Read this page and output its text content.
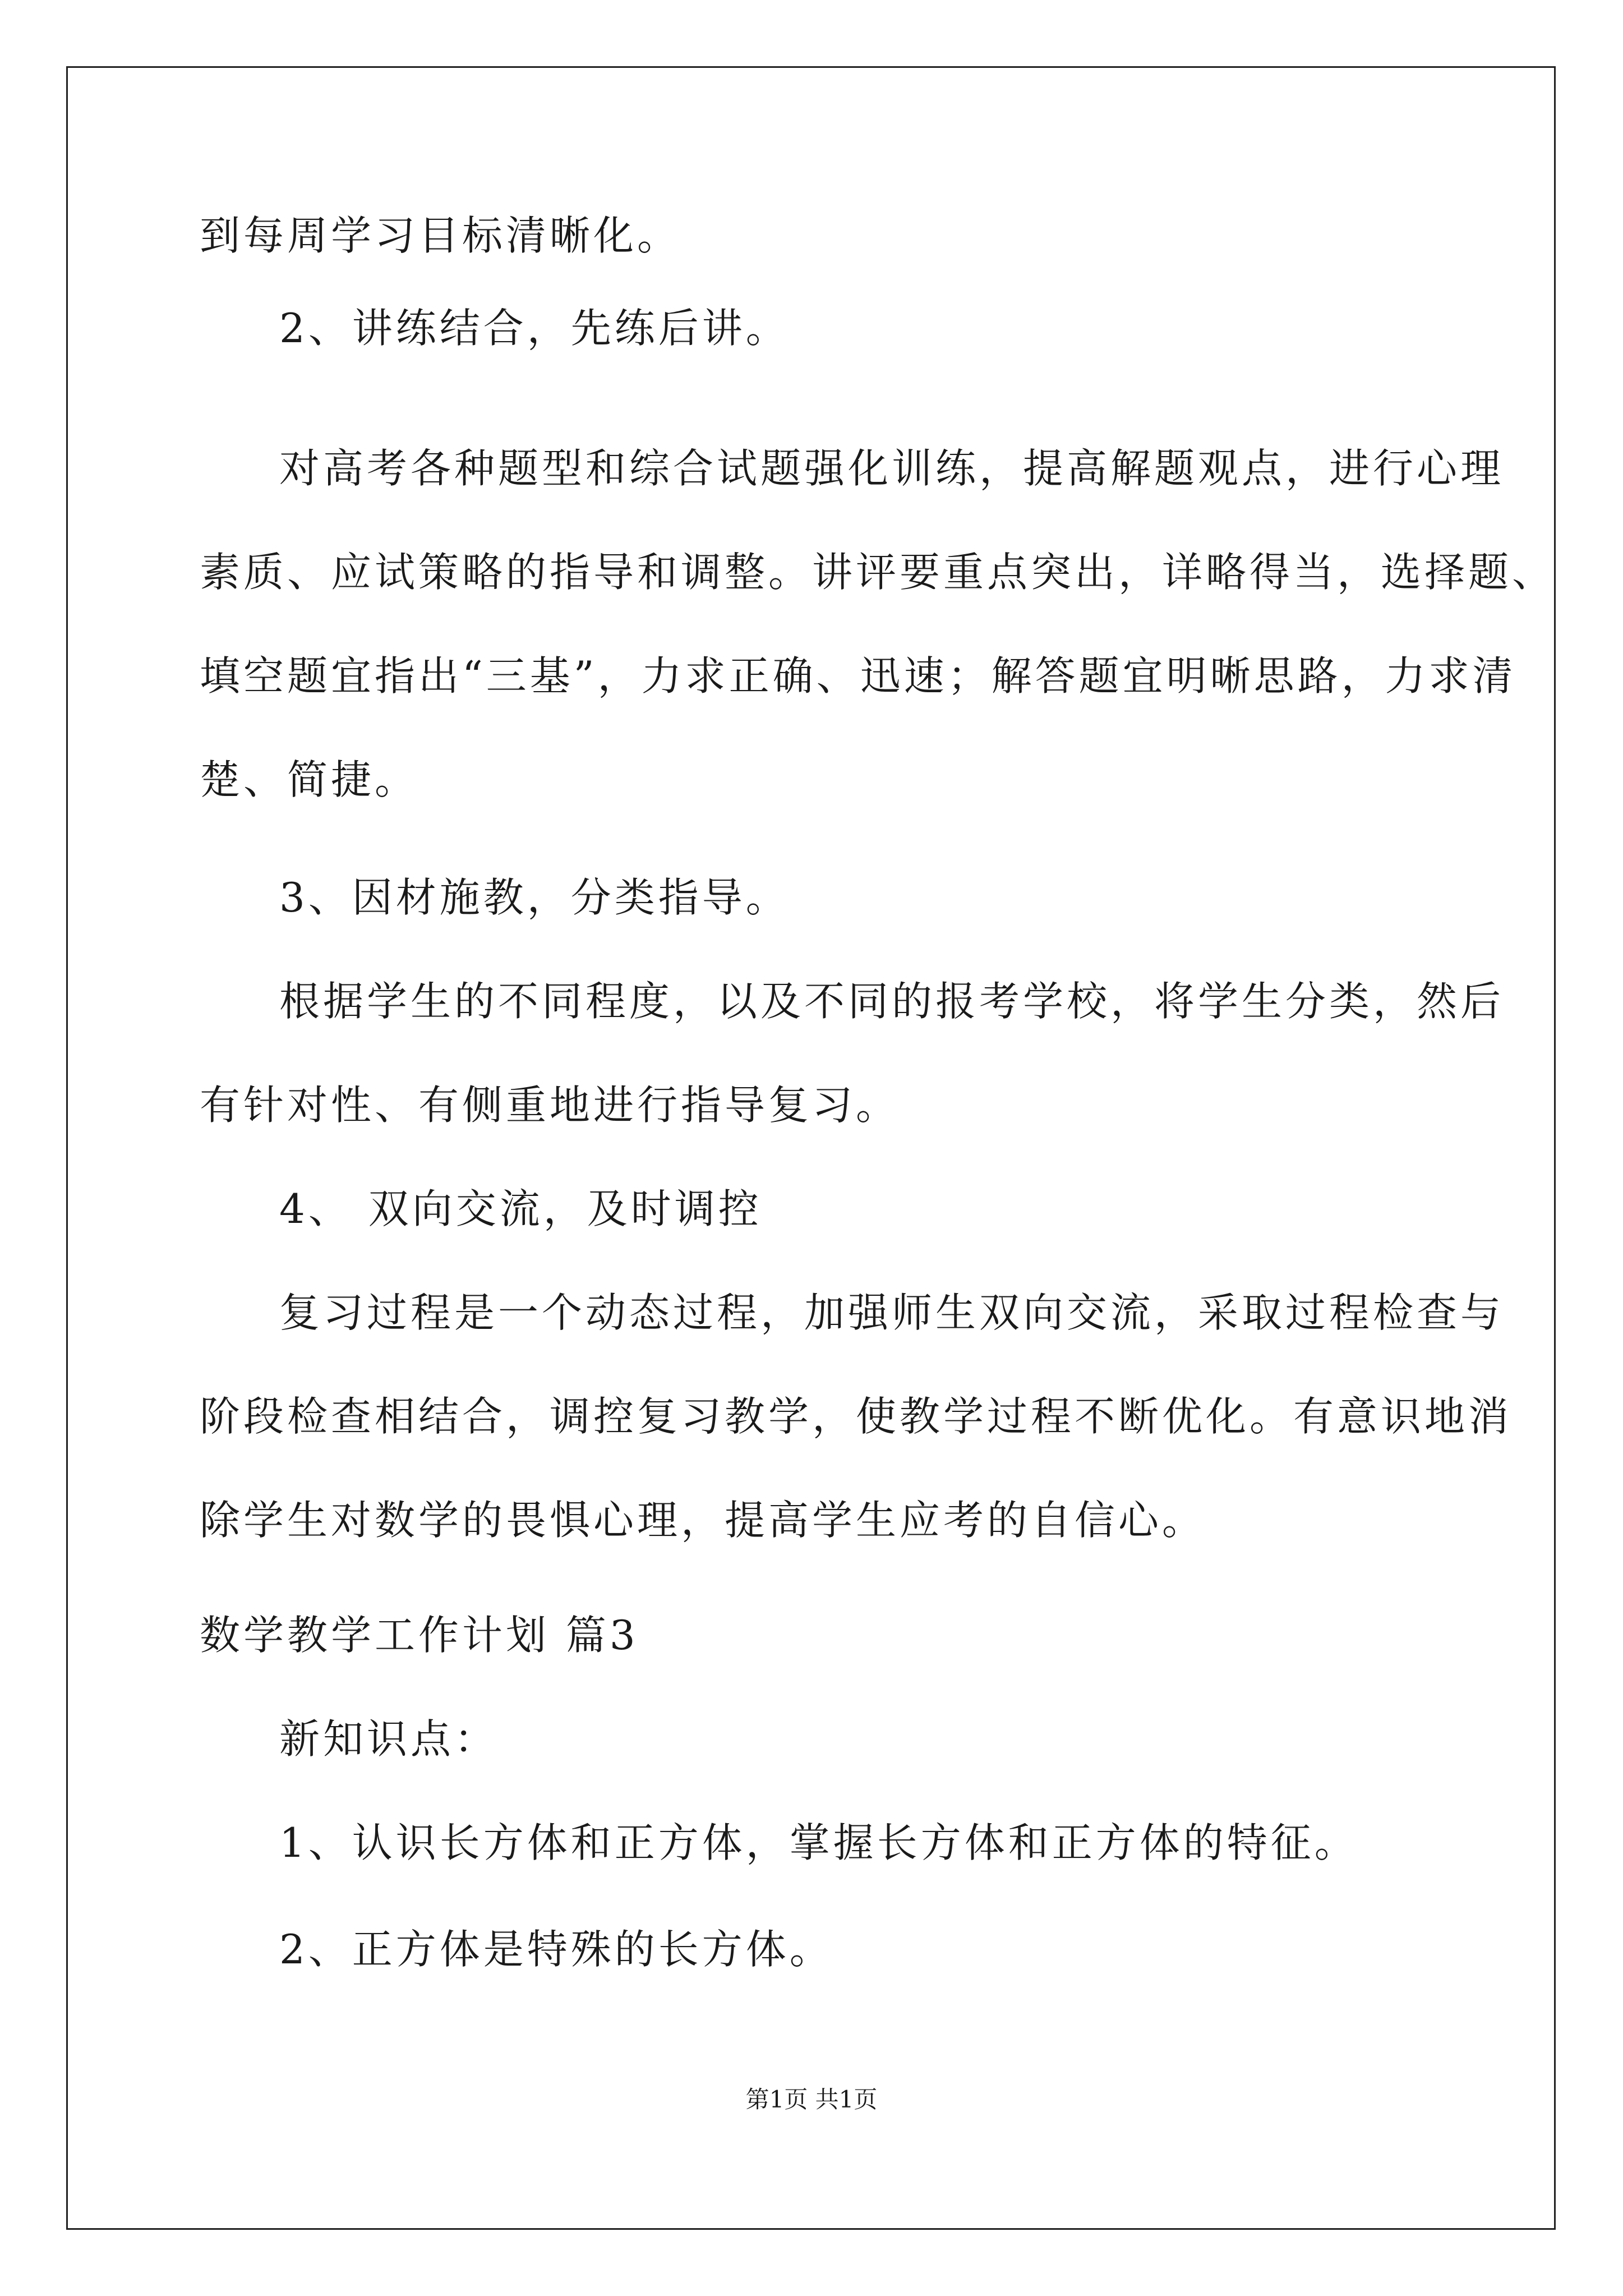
到每周学习目标清晰化。
2、讲练结合，先练后讲。
对高考各种题型和综合试题强化训练，提高解题观点，进行心理
素质、应试策略的指导和调整。讲评要重点突出，详略得当，选择题、
填空题宜指出“三基”，力求正确、迅速；解答题宜明晰思路，力求清
楚、简捷。
3、因材施教，分类指导。
根据学生的不同程度，以及不同的报考学校，将学生分类，然后
有针对性、有侧重地进行指导复习。
4、 双向交流，及时调控
复习过程是一个动态过程，加强师生双向交流，采取过程检查与
阶段检查相结合，调控复习教学，使教学过程不断优化。有意识地消
除学生对数学的畏惧心理，提高学生应考的自信心。
数学教学工作计划 篇3
新知识点：
1、认识长方体和正方体，掌握长方体和正方体的特征。
2、正方体是特殊的长方体。
第1页 共1页
